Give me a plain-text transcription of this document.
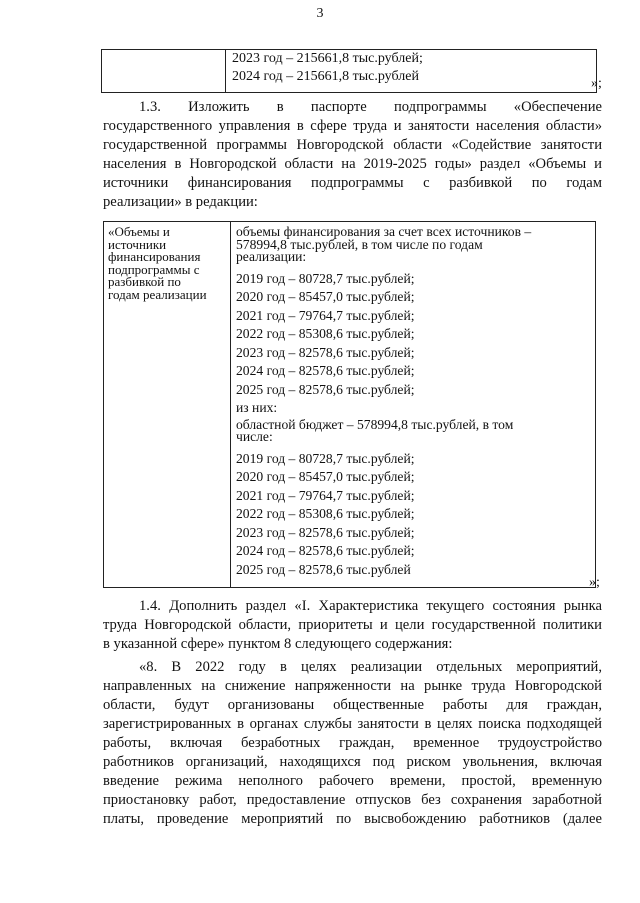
3

2023 год – 215661,8 тыс.рублей;
2024 год – 215661,8 тыс.рублей	»;
1.3. Изложить в паспорте подпрограммы «Обеспечение
государственного управления в сфере труда и занятости населения области»
государственной программы Новгородской области «Содействие занятости
населения в Новгородской области на 2019-2025 годы» раздел «Объемы и
источники финансирования подпрограммы с разбивкой по годам
реализации» в редакции:
«Объемы и
источники
финансирования
подпрограммы с
разбивкой по
годам реализации

объемы финансирования за счет всех источников –
578994,8 тыс.рублей, в том числе по годам
реализации:
2019 год – 80728,7 тыс.рублей;
2020 год – 85457,0 тыс.рублей;
2021 год – 79764,7 тыс.рублей;
2022 год – 85308,6 тыс.рублей;
2023 год – 82578,6 тыс.рублей;
2024 год – 82578,6 тыс.рублей;
2025 год – 82578,6 тыс.рублей;
из них:
областной бюджет – 578994,8 тыс.рублей, в том
числе:
2019 год – 80728,7 тыс.рублей;
2020 год – 85457,0 тыс.рублей;
2021 год – 79764,7 тыс.рублей;
2022 год – 85308,6 тыс.рублей;
2023 год – 82578,6 тыс.рублей;
2024 год – 82578,6 тыс.рублей;
2025 год – 82578,6 тыс.рублей
»;
1.4. Дополнить раздел «I. Характеристика текущего состояния рынка
труда Новгородской области, приоритеты и цели государственной политики
в указанной сфере» пунктом 8 следующего содержания:
«8. В 2022 году в целях реализации отдельных мероприятий,
направленных на снижение напряженности на рынке труда Новгородской
области, будут организованы общественные работы для граждан,
зарегистрированных в органах службы занятости в целях поиска подходящей
работы, включая безработных граждан, временное трудоустройство
работников организаций, находящихся под риском увольнения, включая
введение режима неполного рабочего времени, простой, временную
приостановку работ, предоставление отпусков без сохранения заработной
платы, проведение мероприятий по высвобождению работников (далее
